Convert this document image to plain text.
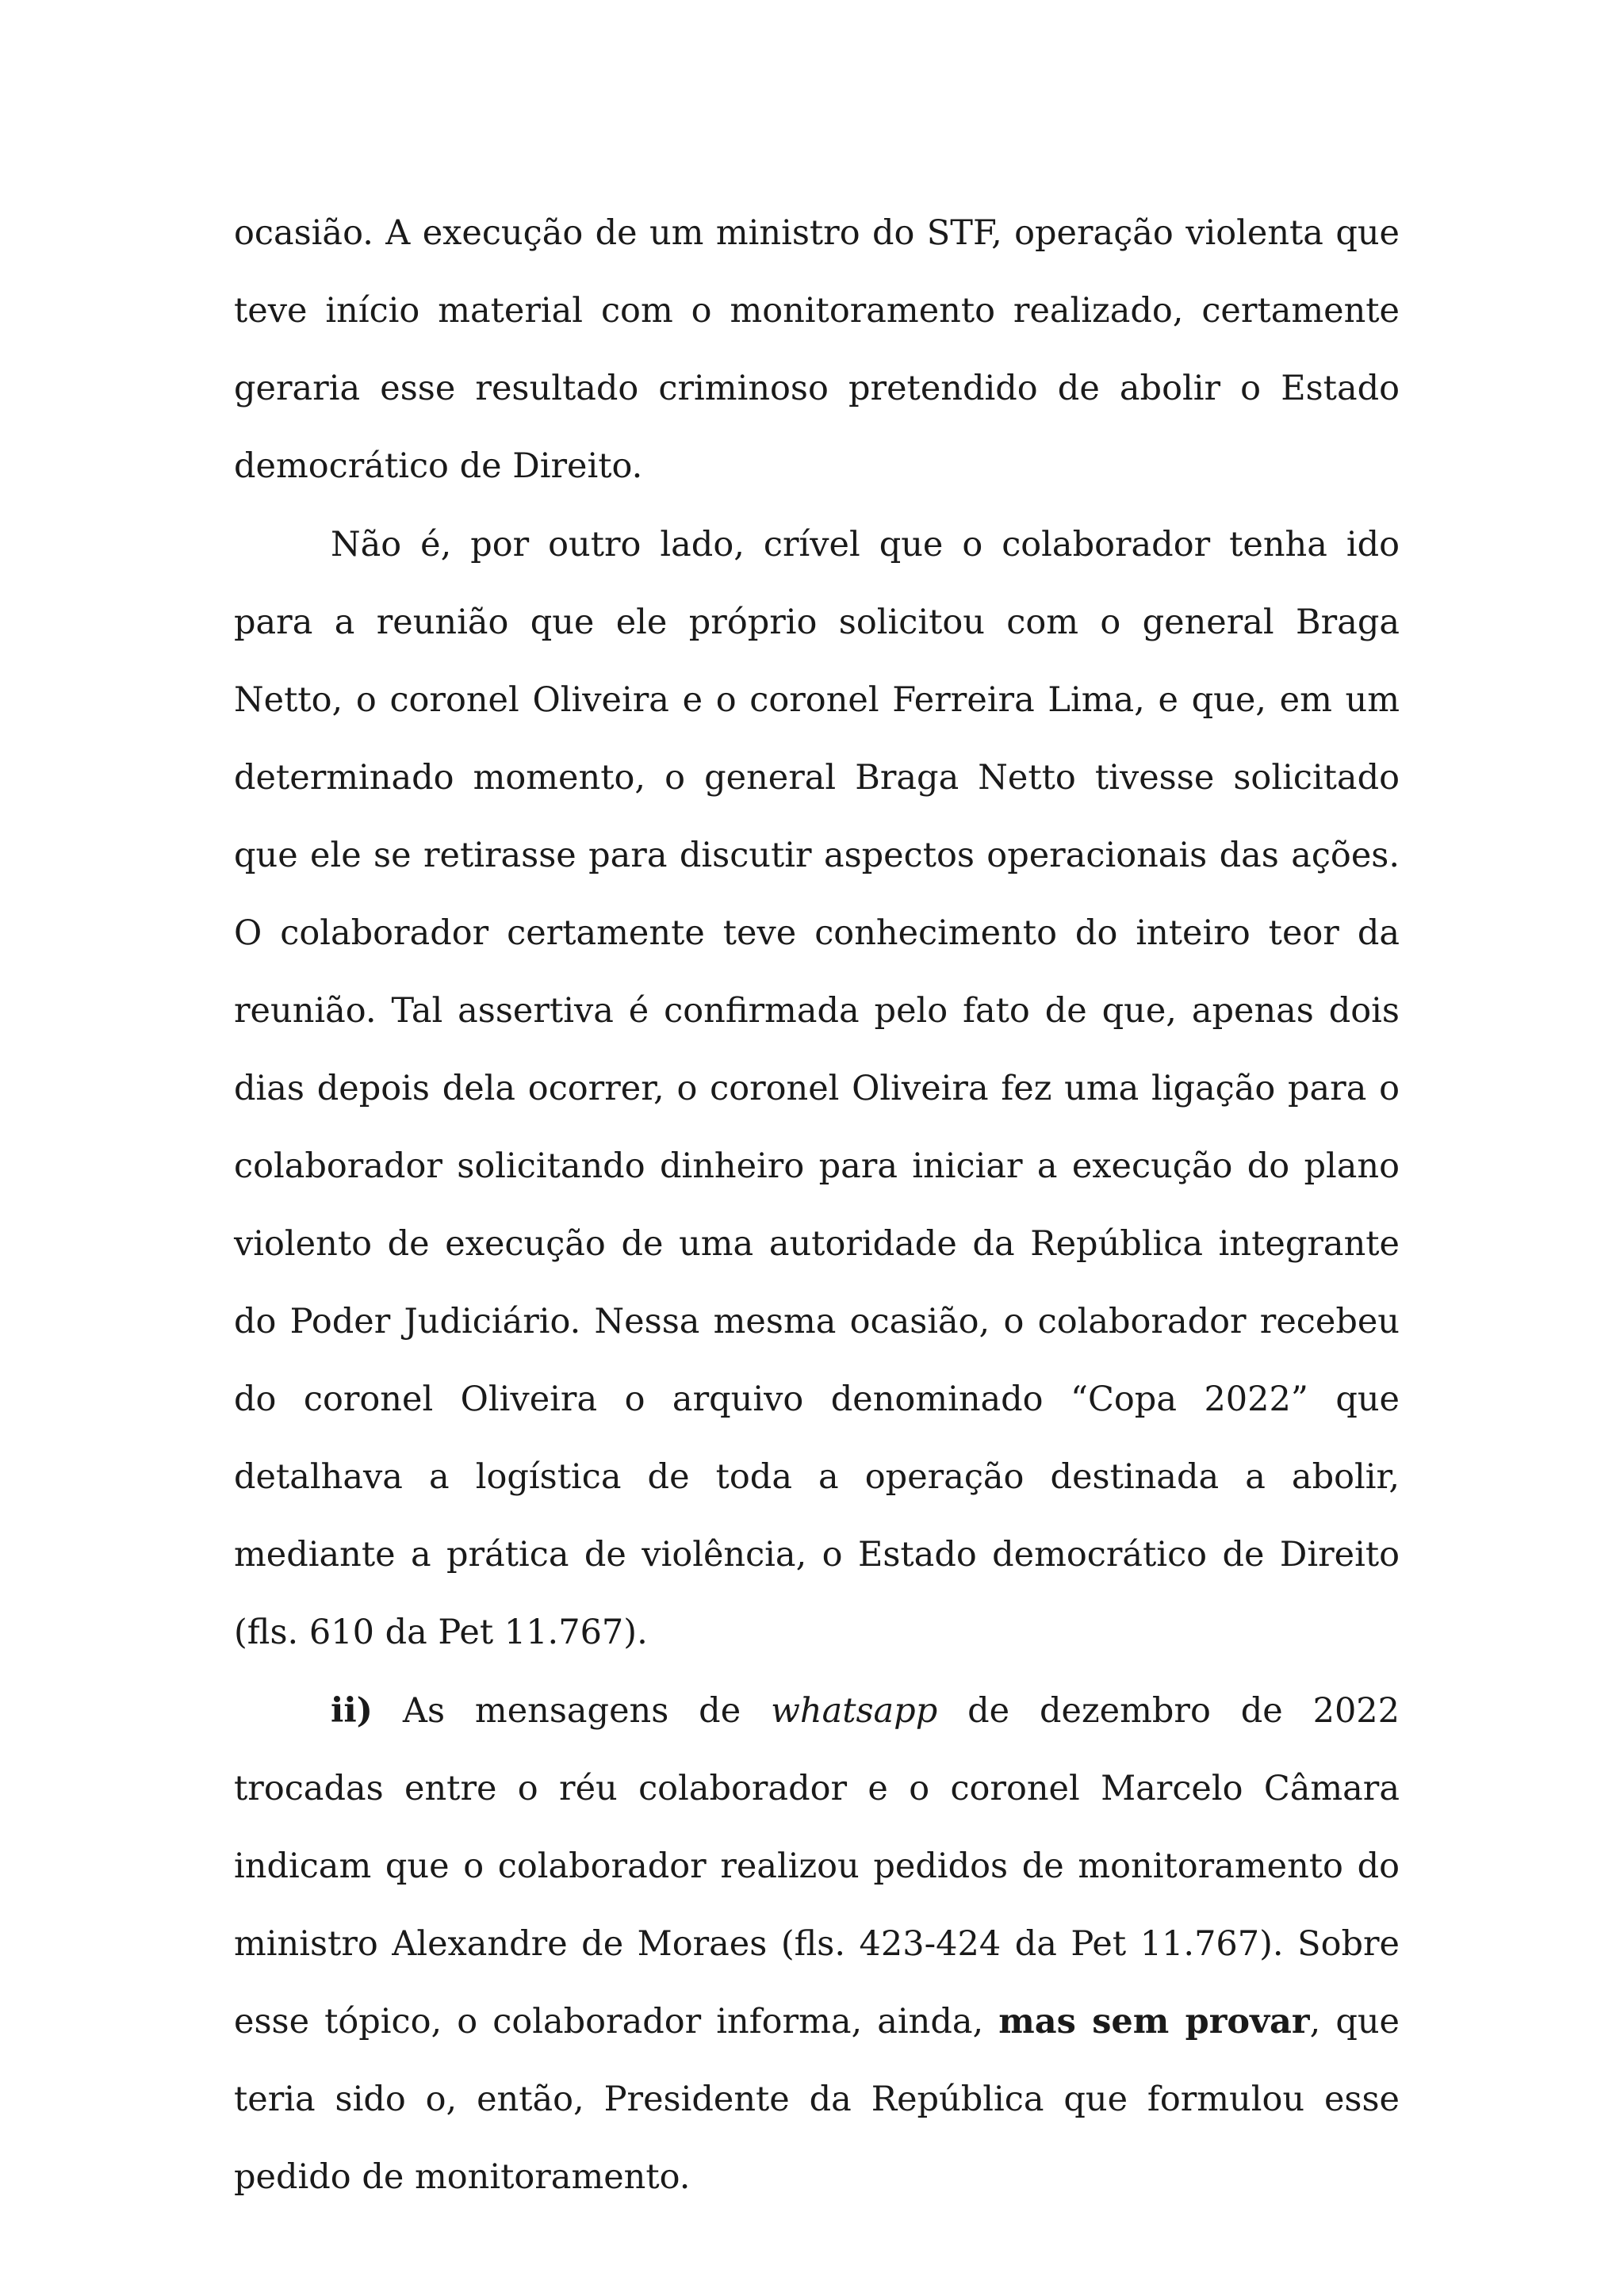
ocasião. A execução de um ministro do STF, operação violenta que teve início material com o monitoramento realizado, certamente geraria esse resultado criminoso pretendido de abolir o Estado democrático de Direito.

Não é, por outro lado, crível que o colaborador tenha ido para a reunião que ele próprio solicitou com o general Braga Netto, o coronel Oliveira e o coronel Ferreira Lima, e que, em um determinado momento, o general Braga Netto tivesse solicitado que ele se retirasse para discutir aspectos operacionais das ações. O colaborador certamente teve conhecimento do inteiro teor da reunião. Tal assertiva é confirmada pelo fato de que, apenas dois dias depois dela ocorrer, o coronel Oliveira fez uma ligação para o colaborador solicitando dinheiro para iniciar a execução do plano violento de execução de uma autoridade da República integrante do Poder Judiciário. Nessa mesma ocasião, o colaborador recebeu do coronel Oliveira o arquivo denominado “Copa 2022” que detalhava a logística de toda a operação destinada a abolir, mediante a prática de violência, o Estado democrático de Direito (fls. 610 da Pet 11.767).

ii) As mensagens de whatsapp de dezembro de 2022 trocadas entre o réu colaborador e o coronel Marcelo Câmara indicam que o colaborador realizou pedidos de monitoramento do ministro Alexandre de Moraes (fls. 423-424 da Pet 11.767). Sobre esse tópico, o colaborador informa, ainda, mas sem provar, que teria sido o, então, Presidente da República que formulou esse pedido de monitoramento.
